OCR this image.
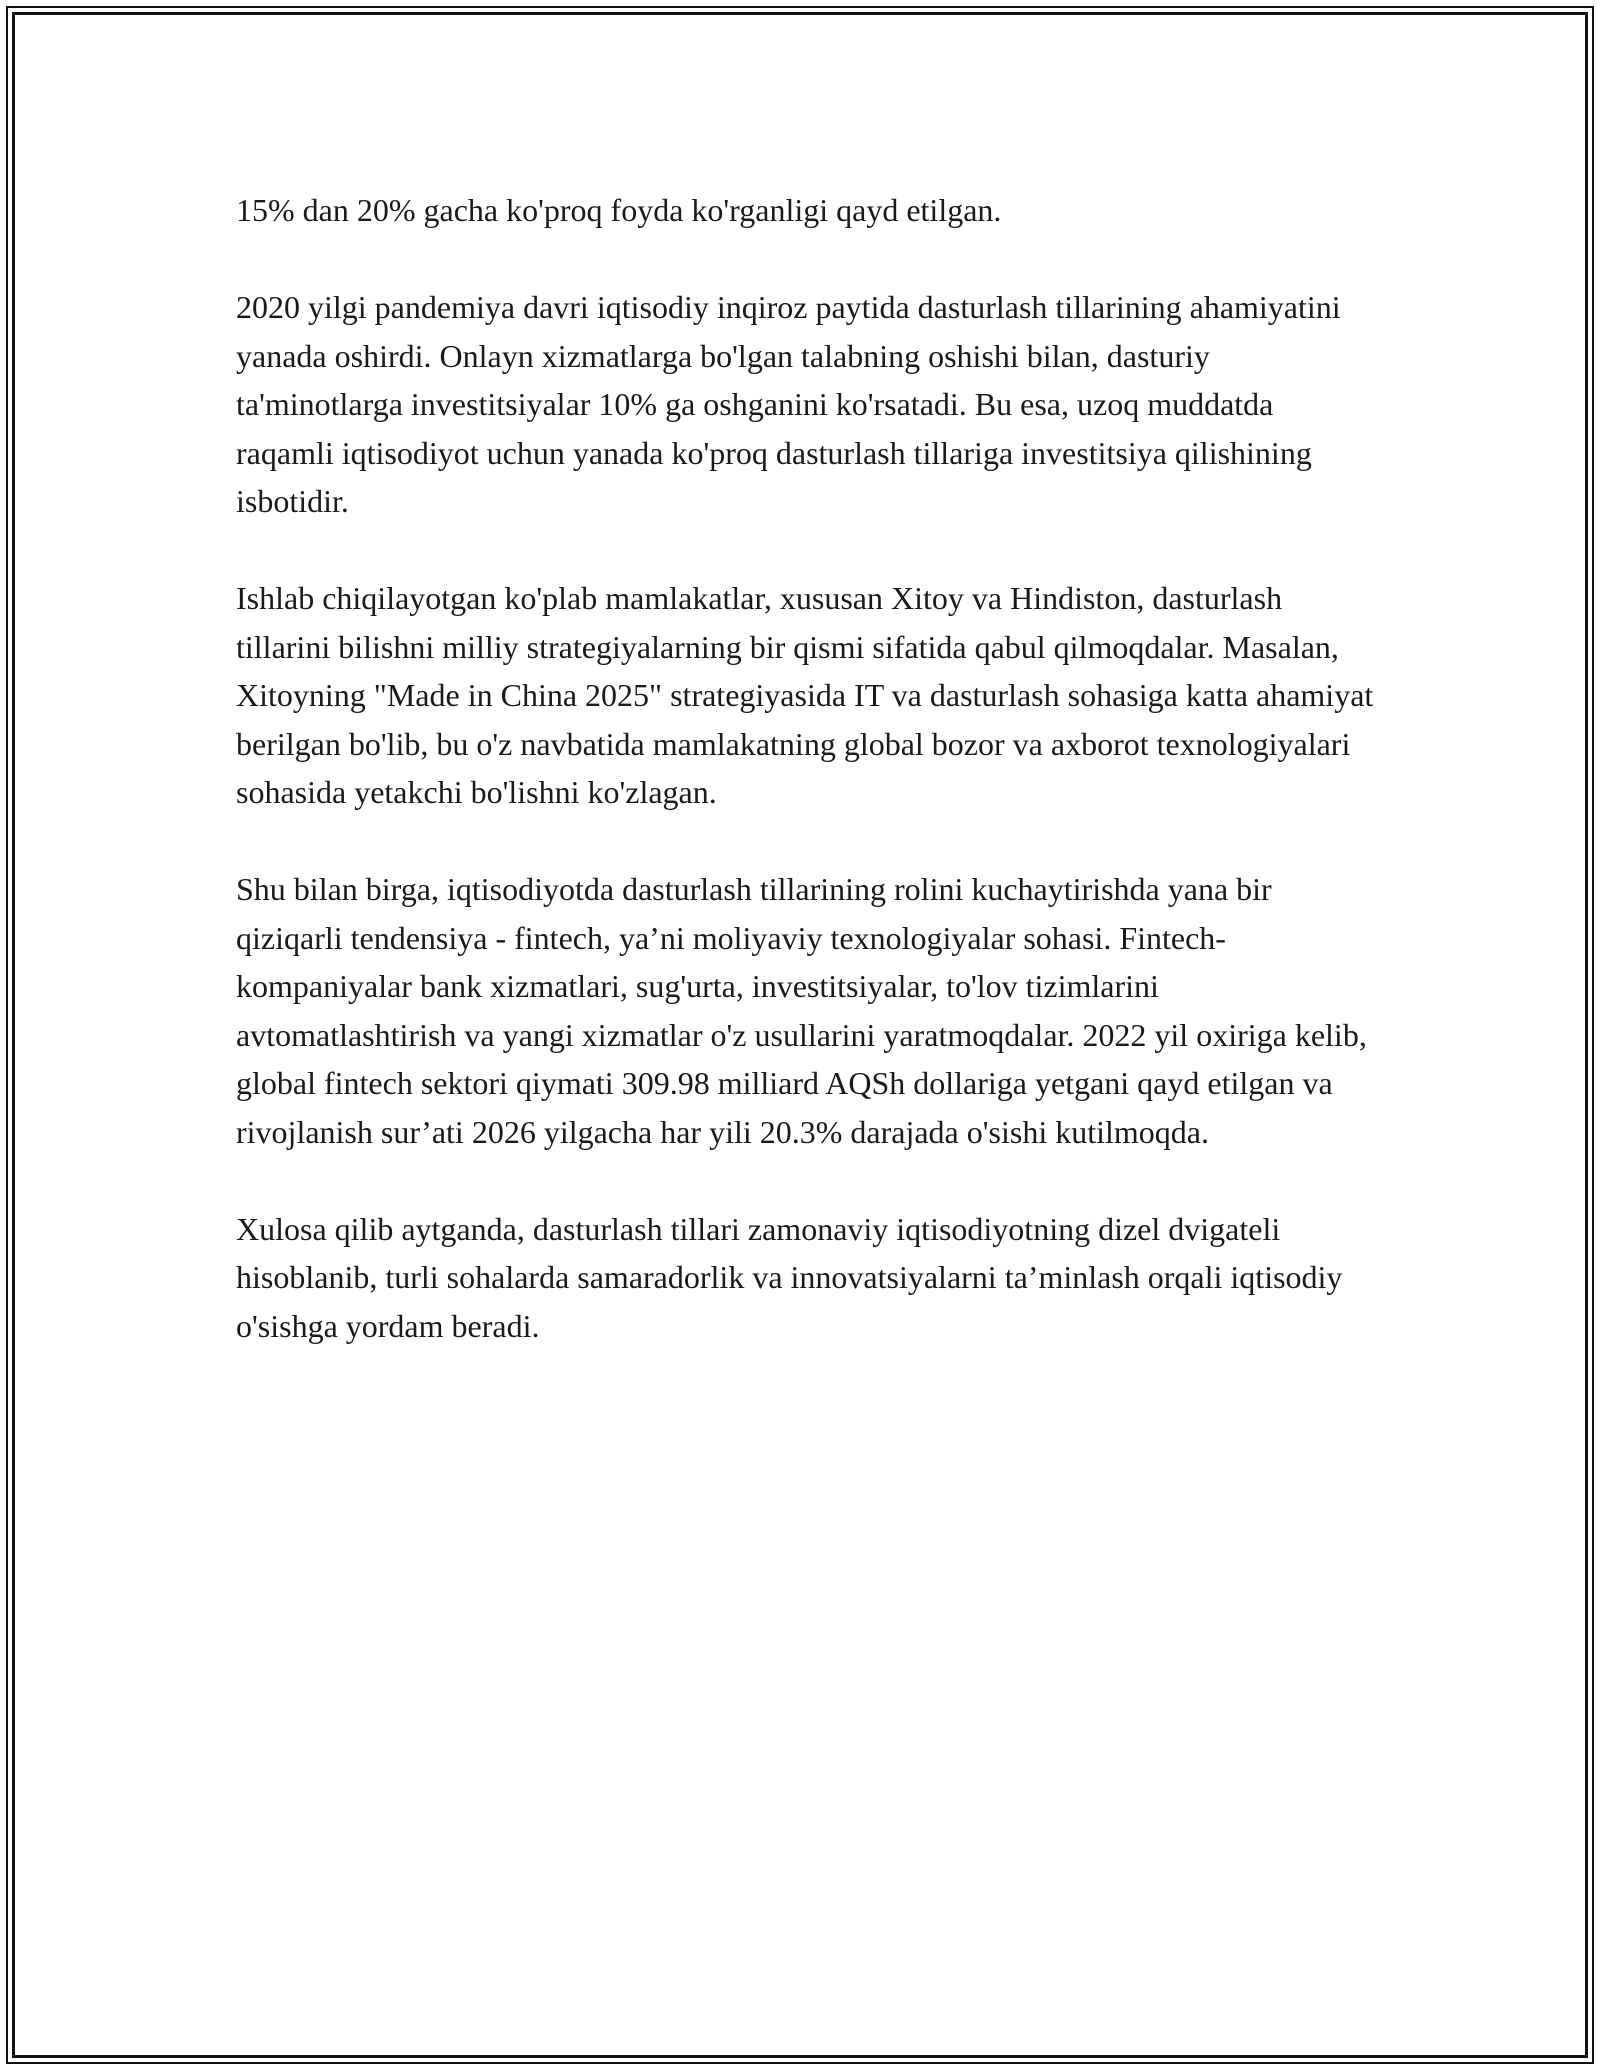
15% dan 20% gacha ko'proq foyda ko'rganligi qayd etilgan.

2020 yilgi pandemiya davri iqtisodiy inqiroz paytida dasturlash tillarining ahamiyatini yanada oshirdi. Onlayn xizmatlarga bo'lgan talabning oshishi bilan, dasturiy ta'minotlarga investitsiyalar 10% ga oshganini ko'rsatadi. Bu esa, uzoq muddatda raqamli iqtisodiyot uchun yanada ko'proq dasturlash tillariga investitsiya qilishining isbotidir.

Ishlab chiqilayotgan ko'plab mamlakatlar, xususan Xitoy va Hindiston, dasturlash tillarini bilishni milliy strategiyalarning bir qismi sifatida qabul qilmoqdalar. Masalan, Xitoyning "Made in China 2025" strategiyasida IT va dasturlash sohasiga katta ahamiyat berilgan bo'lib, bu o'z navbatida mamlakatning global bozor va axborot texnologiyalari sohasida yetakchi bo'lishni ko'zlagan.

Shu bilan birga, iqtisodiyotda dasturlash tillarining rolini kuchaytirishda yana bir qiziqarli tendensiya - fintech, ya’ni moliyaviy texnologiyalar sohasi. Fintech-kompaniyalar bank xizmatlari, sug'urta, investitsiyalar, to'lov tizimlarini avtomatlashtirish va yangi xizmatlar o'z usullarini yaratmoqdalar. 2022 yil oxiriga kelib, global fintech sektori qiymati 309.98 milliard AQSh dollariga yetgani qayd etilgan va rivojlanish sur’ati 2026 yilgacha har yili 20.3% darajada o'sishi kutilmoqda.

Xulosa qilib aytganda, dasturlash tillari zamonaviy iqtisodiyotning dizel dvigateli hisoblanib, turli sohalarda samaradorlik va innovatsiyalarni ta’minlash orqali iqtisodiy o'sishga yordam beradi.
